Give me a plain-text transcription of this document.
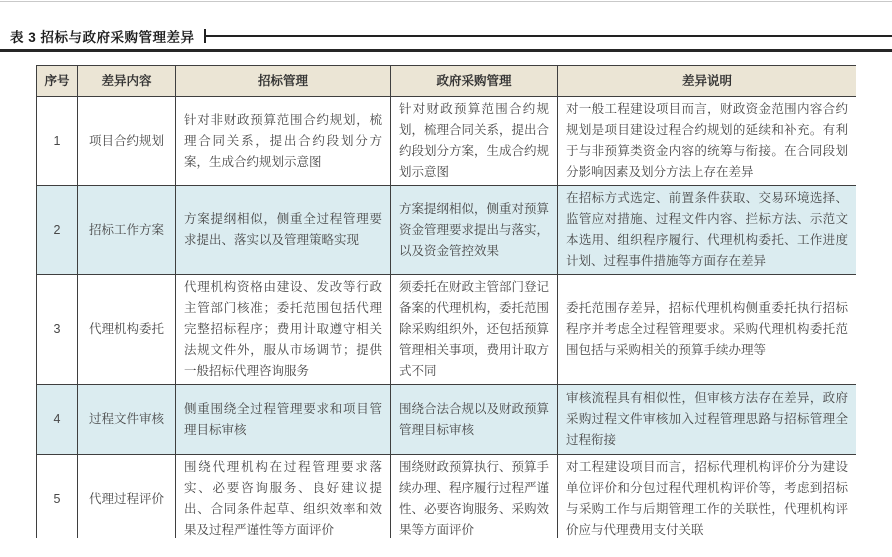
表 3 招标与政府采购管理差异
序号	差异内容	招标管理	政府采购管理	差异说明
1	项目合约规划	针对非财政预算范围合约规划，梳理合同关系，提出合约段划分方案，生成合约规划示意图	针对财政预算范围合约规划，梳理合同关系，提出合约段划分方案，生成合约规划示意图	对一般工程建设项目而言，财政资金范围内容合约规划是项目建设过程合约规划的延续和补充。有利于与非预算类资金内容的统筹与衔接。在合同段划分影响因素及划分方法上存在差异
2	招标工作方案	方案提纲相似，侧重全过程管理要求提出、落实以及管理策略实现	方案提纲相似，侧重对预算资金管理要求提出与落实，以及资金管控效果	在招标方式选定、前置条件获取、交易环境选择、监管应对措施、过程文件内容、拦标方法、示范文本选用、组织程序履行、代理机构委托、工作进度计划、过程事件措施等方面存在差异
3	代理机构委托	代理机构资格由建设、发改等行政主管部门核准；委托范围包括代理完整招标程序；费用计取遵守相关法规文件外，服从市场调节；提供一般招标代理咨询服务	须委托在财政主管部门登记备案的代理机构，委托范围除采购组织外，还包括预算管理相关事项，费用计取方式不同	委托范围存差异，招标代理机构侧重委托执行招标程序并考虑全过程管理要求。采购代理机构委托范围包括与采购相关的预算手续办理等
4	过程文件审核	侧重围绕全过程管理要求和项目管理目标审核	围绕合法合规以及财政预算管理目标审核	审核流程具有相似性，但审核方法存在差异，政府采购过程文件审核加入过程管理思路与招标管理全过程衔接
5	代理过程评价	围绕代理机构在过程管理要求落实、必要咨询服务、良好建议提出、合同条件起草、组织效率和效果及过程严谨性等方面评价	围绕财政预算执行、预算手续办理、程序履行过程严谨性、必要咨询服务、采购效果等方面评价	对工程建设项目而言，招标代理机构评价分为建设单位评价和分包过程代理机构评价等，考虑到招标与采购工作与后期管理工作的关联性，代理机构评价应与代理费用支付关联
